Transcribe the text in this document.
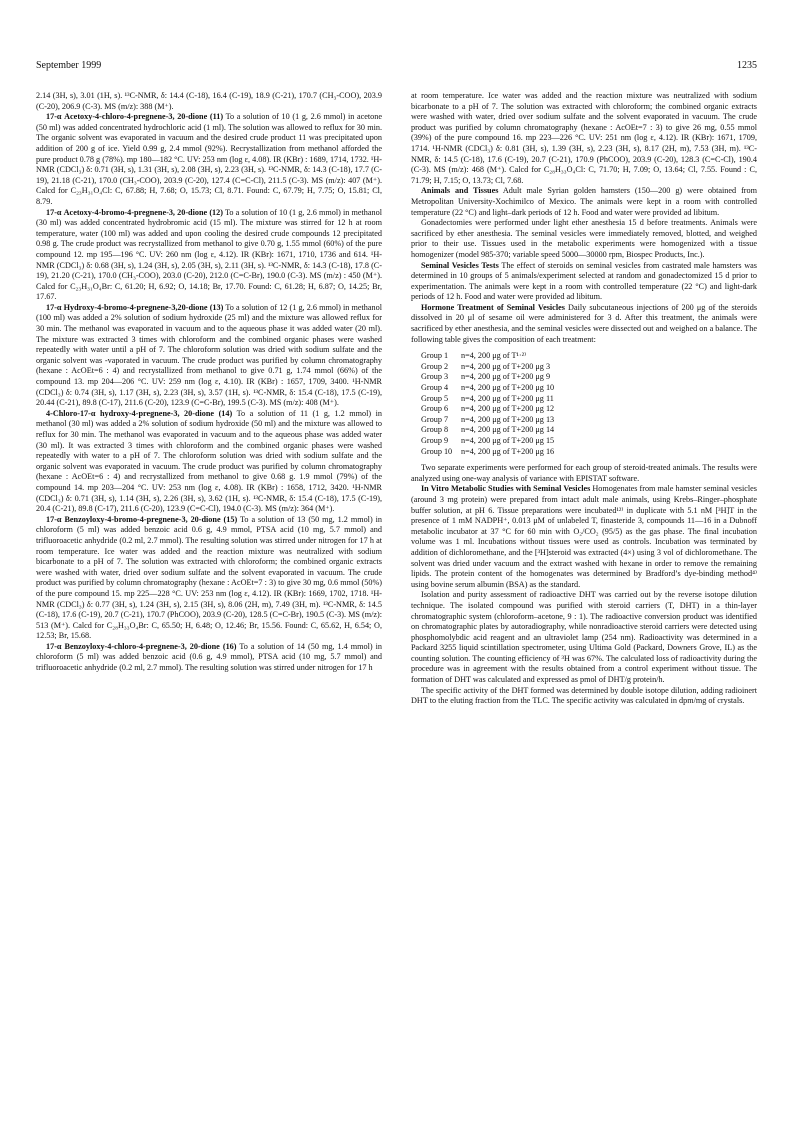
September 1999	1235

2.14 (3H, s), 3.01 (1H, s). ¹³C-NMR, δ: 14.4 (C-18), 16.4 (C-19), 18.9 (C-21), 170.7 (CH₃-COO), 203.9 (C-20), 206.9 (C-3). MS (m/z): 388 (M⁺).

17-α Acetoxy-4-chloro-4-pregnene-3, 20-dione (11) To a solution of 10 (1 g, 2.6 mmol) in acetone (50 ml) was added concentrated hydrochloric acid (1 ml). The solution was allowed to reflux for 30 min. The organic solvent was evaporated in vacuum and the desired crude product 11 was precipitated upon addition of 200 g of ice. Yield 0.99 g, 2.4 mmol (92%). Recrystallization from methanol afforded the pure product 0.78 g (78%). mp 180—182 °C. UV: 253 nm (log ε, 4.08). IR (KBr) : 1689, 1714, 1732. ¹H-NMR (CDCl₃) δ: 0.71 (3H, s), 1.31 (3H, s), 2.08 (3H, s), 2.23 (3H, s). ¹³C-NMR, δ: 14.3 (C-18), 17.7 (C-19), 21.18 (C-21), 170.0 (CH₃-COO), 203.9 (C-20), 127.4 (C=C-Cl), 211.5 (C-3). MS (m/z): 407 (M⁺). Calcd for C₂₃H₃₁O₄Cl: C, 67.88; H, 7.68; O, 15.73; Cl, 8.71. Found: C, 67.79; H, 7.75; O, 15.81; Cl, 8.79.

17-α Acetoxy-4-bromo-4-pregnene-3, 20-dione (12) To a solution of 10 (1 g, 2.6 mmol) in methanol (30 ml) was added concentrated hydrobromic acid (15 ml). The mixture was stirred for 12 h at room temperature, water (100 ml) was added and upon cooling the desired crude compounds 12 precipitated 0.98 g. The crude product was recrystallized from methanol to give 0.70 g, 1.55 mmol (60%) of the pure compound 12. mp 195—196 °C. UV: 260 nm (log ε, 4.12). IR (KBr): 1671, 1710, 1736 and 614. ¹H-NMR (CDCl₃) δ: 0.68 (3H, s), 1.24 (3H, s), 2.05 (3H, s), 2.11 (3H, s). ¹³C-NMR, δ: 14.3 (C-18), 17.8 (C-19), 21.20 (C-21), 170.0 (CH₃-COO), 203.0 (C-20), 212.0 (C=C-Br), 190.0 (C-3). MS (m/z) : 450 (M⁺). Calcd for C₂₃H₃₁O₄Br: C, 61.20; H, 6.92; O, 14.18; Br, 17.70. Found: C, 61.28; H, 6.87; O, 14.25; Br, 17.67.

17-α Hydroxy-4-bromo-4-pregnene-3,20-dione (13) To a solution of 12 (1 g, 2.6 mmol) in methanol (100 ml) was added a 2% solution of sodium hydroxide (25 ml) and the mixture was allowed reflux for 30 min. The methanol was evaporated in vacuum and to the aqueous phase it was added water (20 ml). The mixture was extracted 3 times with chloroform and the combined organic phases were washed repeatedly with water until a pH of 7. The chloroform solution was dried with sodium sulfate and the organic solvent was -vaporated in vacuum. The crude product was purified by column chromatography (hexane : AcOEt=6 : 4) and recrystallized from methanol to give 0.71 g, 1.74 mmol (66%) of the compound 13. mp 204—206 °C. UV: 259 nm (log ε, 4.10). IR (KBr) : 1657, 1709, 3400. ¹H-NMR (CDCl₃) δ: 0.74 (3H, s), 1.17 (3H, s), 2.23 (3H, s), 3.57 (1H, s). ¹³C-NMR, δ: 15.4 (C-18), 17.5 (C-19), 20.44 (C-21), 89.8 (C-17), 211.6 (C-20), 123.9 (C=C-Br), 199.5 (C-3). MS (m/z): 408 (M⁺).

4-Chloro-17-α hydroxy-4-pregnene-3, 20-dione (14) To a solution of 11 (1 g, 1.2 mmol) in methanol (30 ml) was added a 2% solution of sodium hydroxide (50 ml) and the mixture was allowed to reflux for 30 min. The methanol was evaporated in vacuum and to the aqueous phase was added water (30 ml). It was extracted 3 times with chloroform and the combined organic phases were washed repeatedly with water to a pH of 7. The chloroform solution was dried with sodium sulfate and the organic solvent was evaporated in vacuum. The crude product was purified by column chromatography (hexane : AcOEt=6 : 4) and recrystallized from methanol to give 0.68 g. 1.9 mmol (79%) of the compound 14. mp 203—204 °C. UV: 253 nm (log ε, 4.08). IR (KBr) : 1658, 1712, 3420. ¹H-NMR (CDCl₃) δ: 0.71 (3H, s), 1.14 (3H, s), 2.26 (3H, s), 3.62 (1H, s). ¹³C-NMR, δ: 15.4 (C-18), 17.5 (C-19), 20.4 (C-21), 89.8 (C-17), 211.6 (C-20), 123.9 (C=C-Cl), 194.0 (C-3). MS (m/z): 364 (M⁺).

17-α Benzoyloxy-4-bromo-4-pregnene-3, 20-dione (15) To a solution of 13 (50 mg, 1.2 mmol) in chloroform (5 ml) was added benzoic acid 0.6 g, 4.9 mmol, PTSA acid (10 mg, 5.7 mmol) and trifluoroacetic anhydride (0.2 ml, 2.7 mmol). The resulting solution was stirred under nitrogen for 17 h at room temperature. Ice water was added and the reaction mixture was neutralized with sodium bicarbonate to a pH of 7. The solution was extracted with chloroform; the combined organic extracts were washed with water, dried over sodium sulfate and the solvent evaporated in vacuum. The crude product was purified by column chromatography (hexane : AcOEt=7 : 3) to give 30 mg, 0.6 mmol (50%) of the pure compound 15. mp 225—228 °C. UV: 253 nm (log ε, 4.12). IR (KBr): 1669, 1702, 1718. ¹H-NMR (CDCl₃) δ: 0.77 (3H, s), 1.24 (3H, s), 2.15 (3H, s), 8.06 (2H, m), 7.49 (3H, m). ¹³C-NMR, δ: 14.5 (C-18), 17.6 (C-19), 20.7 (C-21), 170.7 (PhCOO), 203.9 (C-20), 128.5 (C=C-Br), 190.5 (C-3). MS (m/z): 513 (M⁺). Calcd for C₂₈H₃₃O₄Br: C, 65.50; H, 6.48; O, 12.46; Br, 15.56. Found: C, 65.62, H, 6.54; O, 12.53; Br, 15.68.

17-α Benzoyloxy-4-chloro-4-pregnene-3, 20-dione (16) To a solution of 14 (50 mg, 1.4 mmol) in chloroform (5 ml) was added benzoic acid (0.6 g, 4.9 mmol), PTSA acid (10 mg, 5.7 mmol) and trifluoroacetic anhydride (0.2 ml, 2.7 mmol). The resulting solution was stirred under nitrogen for 17 h

at room temperature. Ice water was added and the reaction mixture was neutralized with sodium bicarbonate to a pH of 7. The solution was extracted with chloroform; the combined organic extracts were washed with water, dried over sodium sulfate and the solvent evaporated in vacuum. The crude product was purified by column chromatography (hexane : AcOEt=7 : 3) to give 26 mg, 0.55 mmol (39%) of the pure compound 16. mp 223—226 °C. UV: 251 nm (log ε, 4.12). IR (KBr): 1671, 1709, 1714. ¹H-NMR (CDCl₃) δ: 0.81 (3H, s), 1.39 (3H, s), 2.23 (3H, s), 8.17 (2H, m), 7.53 (3H, m). ¹³C-NMR, δ: 14.5 (C-18), 17.6 (C-19), 20.7 (C-21), 170.9 (PhCOO), 203.9 (C-20), 128.3 (C=C-Cl), 190.4 (C-3). MS (m/z): 468 (M⁺). Calcd for C₂₈H₃₃O₄Cl: C, 71.70; H, 7.09; O, 13.64; Cl, 7.55. Found : C, 71.79; H, 7.15; O, 13.73; Cl, 7.68.

Animals and Tissues Adult male Syrian golden hamsters (150—200 g) were obtained from Metropolitan University-Xochimilco of Mexico. The animals were kept in a room with controlled temperature (22 °C) and light–dark periods of 12 h. Food and water were provided ad libitum.

Gonadectomies were performed under light ether anesthesia 15 d before treatments. Animals were sacrificed by ether anesthesia. The seminal vesicles were immediately removed, blotted, and weighed prior to their use. Tissues used in the metabolic experiments were homogenized with a tissue homogenizer (model 985-370; variable speed 5000—30000 rpm, Biospec Products, Inc.).

Seminal Vesicles Tests The effect of steroids on seminal vesicles from castrated male hamsters was determined in 10 groups of 5 animals/experiment selected at random and gonadectomized 15 d prior to experimentation. The animals were kept in a room with controlled temperature (22 °C) and light-dark periods of 12 h. Food and water were provided ad libitum.

Hormone Treatment of Seminal Vesicles Daily subcutaneous injections of 200 μg of the steroids dissolved in 20 μl of sesame oil were administered for 3 d. After this treatment, the animals were sacrificed by ether anesthesia, and the seminal vesicles were dissected out and weighed on a balance. The following table gives the composition of each treatment:

Group 1 n=4, 200 μg of T¹·²⁾
Group 2 n=4, 200 μg of T+200 μg 3
Group 3 n=4, 200 μg of T+200 μg 9
Group 4 n=4, 200 μg of T+200 μg 10
Group 5 n=4, 200 μg of T+200 μg 11
Group 6 n=4, 200 μg of T+200 μg 12
Group 7 n=4, 200 μg of T+200 μg 13
Group 8 n=4, 200 μg of T+200 μg 14
Group 9 n=4, 200 μg of T+200 μg 15
Group 10 n=4, 200 μg of T+200 μg 16

Two separate experiments were performed for each group of steroid-treated animals. The results were analyzed using one-way analysis of variance with EPISTAT software.

In Vitro Metabolic Studies with Seminal Vesicles Homogenates from male hamster seminal vesicles (around 3 mg protein) were prepared from intact adult male animals, using Krebs–Ringer–phosphate buffer solution, at pH 6. Tissue preparations were incubated¹²⁾ in duplicate with 5.1 nM [³H]T in the presence of 1 mM NADPH⁺, 0.013 μM of unlabeled T, finasteride 3, compounds 11—16 in a Dubnoff metabolic incubator at 37 °C for 60 min with O₂/CO₂ (95/5) as the gas phase. The final incubation volume was 1 ml. Incubations without tissues were used as controls. Incubation was terminated by addition of dichloromethane, and the [³H]steroid was extracted (4×) using 3 vol of dichloromethane. The solvent was dried under vacuum and the extract washed with hexane in order to remove the remaining lipids. The protein content of the homogenates was determined by Bradford’s dye-binding method⁴⁾ using bovine serum albumin (BSA) as the standard.

Isolation and purity assessment of radioactive DHT was carried out by the reverse isotope dilution technique. The isolated compound was purified with steroid carriers (T, DHT) in a thin-layer chromatographic system (chloroform–acetone, 9 : 1). The radioactive conversion product was identified on chromatographic plates by autoradiography, while nonradioactive steroid carriers were detected using phosphomolybdic acid reagent and an ultraviolet lamp (254 nm). Radioactivity was determined in a Packard 3255 liquid scintillation spectrometer, using Ultima Gold (Packard, Downers Grove, IL) as the counting solution. The counting efficiency of ³H was 67%. The calculated loss of radioactivity during the procedure was in agreement with the results obtained from a control experiment without tissue. The formation of DHT was calculated and expressed as pmol of DHT/g protein/h.

The specific activity of the DHT formed was determined by double isotope dilution, adding radioinert DHT to the eluting fraction from the TLC. The specific activity was calculated in dpm/mg of crystals.
